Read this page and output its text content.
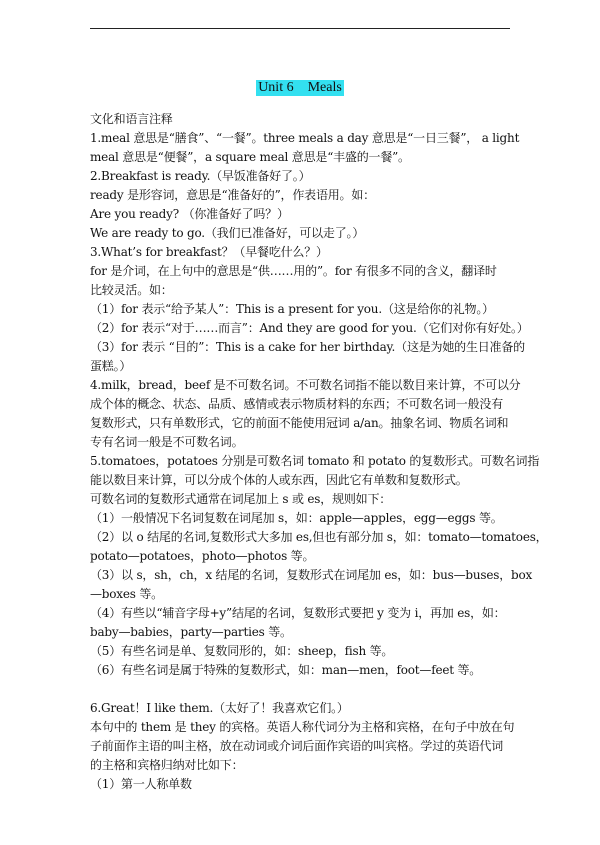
Unit 6    Meals
文化和语言注释
1.meal 意思是“膳食”、“一餐”。three meals a day 意思是“一日三餐”， a light
meal 意思是“便餐”，a square meal 意思是“丰盛的一餐”。
2.Breakfast is ready.（早饭准备好了。）
ready 是形容词，意思是“准备好的”，作表语用。如：
Are you ready? （你准备好了吗？）
We are ready to go.（我们已准备好，可以走了。）
3.What’s for breakfast？（早餐吃什么？）
for 是介词，在上句中的意思是“供……用的”。for 有很多不同的含义，翻译时
比较灵活。如：
（1）for 表示“给予某人”：This is a present for you.（这是给你的礼物。）
（2）for 表示“对于……而言”：And they are good for you.（它们对你有好处。）
（3）for 表示 “目的”：This is a cake for her birthday.（这是为她的生日准备的
蛋糕。）
4.milk，bread，beef 是不可数名词。不可数名词指不能以数目来计算，不可以分
成个体的概念、状态、品质、感情或表示物质材料的东西；不可数名词一般没有
复数形式，只有单数形式，它的前面不能使用冠词 a/an。抽象名词、物质名词和
专有名词一般是不可数名词。
5.tomatoes，potatoes 分别是可数名词 tomato 和 potato 的复数形式。可数名词指
能以数目来计算，可以分成个体的人或东西，因此它有单数和复数形式。
可数名词的复数形式通常在词尾加上 s 或 es，规则如下：
（1）一般情况下名词复数在词尾加 s，如：apple—apples，egg—eggs 等。
（2）以 o 结尾的名词,复数形式大多加 es,但也有部分加 s，如：tomato—tomatoes，
potato—potatoes，photo—photos 等。
（3）以 s，sh，ch，x 结尾的名词，复数形式在词尾加 es，如：bus—buses，box
—boxes 等。
（4）有些以“辅音字母+y”结尾的名词，复数形式要把 y 变为 i，再加 es，如：
baby—babies，party—parties 等。
（5）有些名词是单、复数同形的，如：sheep，fish 等。
（6）有些名词是属于特殊的复数形式，如：man—men，foot—feet 等。
6.Great！I like them.（太好了！我喜欢它们。）
本句中的 them 是 they 的宾格。英语人称代词分为主格和宾格，在句子中放在句
子前面作主语的叫主格，放在动词或介词后面作宾语的叫宾格。学过的英语代词
的主格和宾格归纳对比如下：
（1）第一人称单数
